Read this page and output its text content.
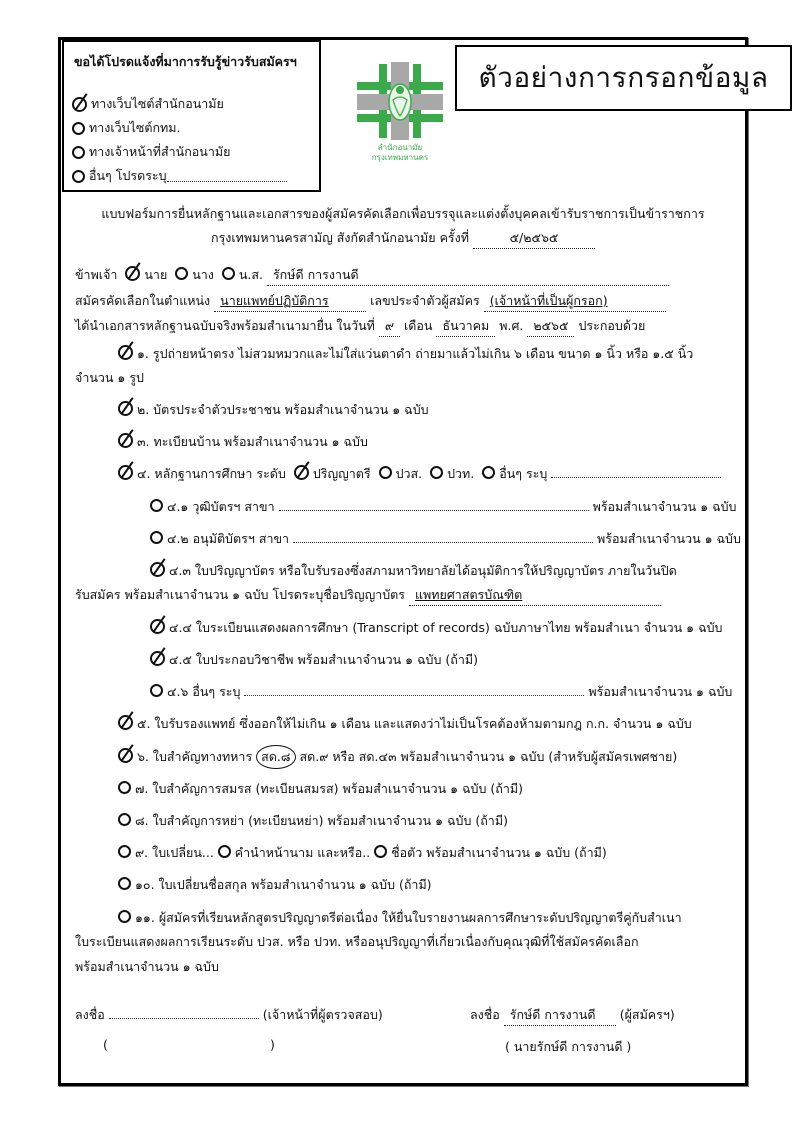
ขอได้โปรดแจ้งที่มาการรับรู้ข่าวรับสมัครฯ
ทางเว็บไซต์สำนักอนามัย
ทางเว็บไซต์กทม.
ทางเจ้าหน้าที่สำนักอนามัย
อื่นๆ โปรดระบุ
สำนักอนามัย
กรุงเทพมหานคร
ตัวอย่างการกรอกข้อมูล
แบบฟอร์มการยื่นหลักฐานและเอกสารของผู้สมัครคัดเลือกเพื่อบรรจุและแต่งตั้งบุคคลเข้ารับราชการเป็นข้าราชการ
กรุงเทพมหานครสามัญ สังกัดสำนักอนามัย ครั้งที่	๕/๒๕๖๕
ข้าพเจ้า นาย นาง น.ส. รักษ์ดี การงานดี
สมัครคัดเลือกในตำแหน่ง นายแพทย์ปฏิบัติการ	เลขประจำตัวผู้สมัคร (เจ้าหน้าที่เป็นผู้กรอก)
ได้นำเอกสารหลักฐานฉบับจริงพร้อมสำเนามายื่น ในวันที่ ๙ เดือน ธันวาคม พ.ศ. ๒๕๖๕ ประกอบด้วย
๑. รูปถ่ายหน้าตรง ไม่สวมหมวกและไม่ใส่แว่นตาดำ ถ่ายมาแล้วไม่เกิน ๖ เดือน ขนาด ๑ นิ้ว หรือ ๑.๕ นิ้ว
จำนวน ๑ รูป
๒. บัตรประจำตัวประชาชน พร้อมสำเนาจำนวน ๑ ฉบับ
๓. ทะเบียนบ้าน พร้อมสำเนาจำนวน ๑ ฉบับ
๔. หลักฐานการศึกษา ระดับ ปริญญาตรี ปวส. ปวท. อื่นๆ ระบุ
๔.๑ วุฒิบัตรฯ สาขา	พร้อมสำเนาจำนวน ๑ ฉบับ
๔.๒ อนุมัติบัตรฯ สาขา	พร้อมสำเนาจำนวน ๑ ฉบับ
๔.๓ ใบปริญญาบัตร หรือใบรับรองซึ่งสภามหาวิทยาลัยได้อนุมัติการให้ปริญญาบัตร ภายในวันปิด
รับสมัคร พร้อมสำเนาจำนวน ๑ ฉบับ โปรดระบุชื่อปริญญาบัตร แพทยศาสตรบัณฑิต
๔.๔ ใบระเบียนแสดงผลการศึกษา (Transcript of records) ฉบับภาษาไทย พร้อมสำเนา จำนวน ๑ ฉบับ
๔.๕ ใบประกอบวิชาชีพ พร้อมสำเนาจำนวน ๑ ฉบับ (ถ้ามี)
๔.๖ อื่นๆ ระบุ	พร้อมสำเนาจำนวน ๑ ฉบับ
๕. ใบรับรองแพทย์ ซึ่งออกให้ไม่เกิน ๑ เดือน และแสดงว่าไม่เป็นโรคต้องห้ามตามกฎ ก.ก. จำนวน ๑ ฉบับ
๖. ใบสำคัญทางทหาร สด.๘ สด.๙ หรือ สด.๔๓ พร้อมสำเนาจำนวน ๑ ฉบับ (สำหรับผู้สมัครเพศชาย)
๗. ใบสำคัญการสมรส (ทะเบียนสมรส) พร้อมสำเนาจำนวน ๑ ฉบับ (ถ้ามี)
๘. ใบสำคัญการหย่า (ทะเบียนหย่า) พร้อมสำเนาจำนวน ๑ ฉบับ (ถ้ามี)
๙. ใบเปลี่ยน... คำนำหน้านาม และหรือ.. ชื่อตัว พร้อมสำเนาจำนวน ๑ ฉบับ (ถ้ามี)
๑๐. ใบเปลี่ยนชื่อสกุล พร้อมสำเนาจำนวน ๑ ฉบับ (ถ้ามี)
๑๑. ผู้สมัครที่เรียนหลักสูตรปริญญาตรีต่อเนื่อง ให้ยื่นใบรายงานผลการศึกษาระดับปริญญาตรีคู่กับสำเนา
ใบระเบียนแสดงผลการเรียนระดับ ปวส. หรือ ปวท. หรืออนุปริญญาที่เกี่ยวเนื่องกับคุณวุฒิที่ใช้สมัครคัดเลือก
พร้อมสำเนาจำนวน ๑ ฉบับ
ลงชื่อ	(เจ้าหน้าที่ผู้ตรวจสอบ)
(	)
ลงชื่อ รักษ์ดี การงานดี (ผู้สมัครฯ)
( นายรักษ์ดี การงานดี )
